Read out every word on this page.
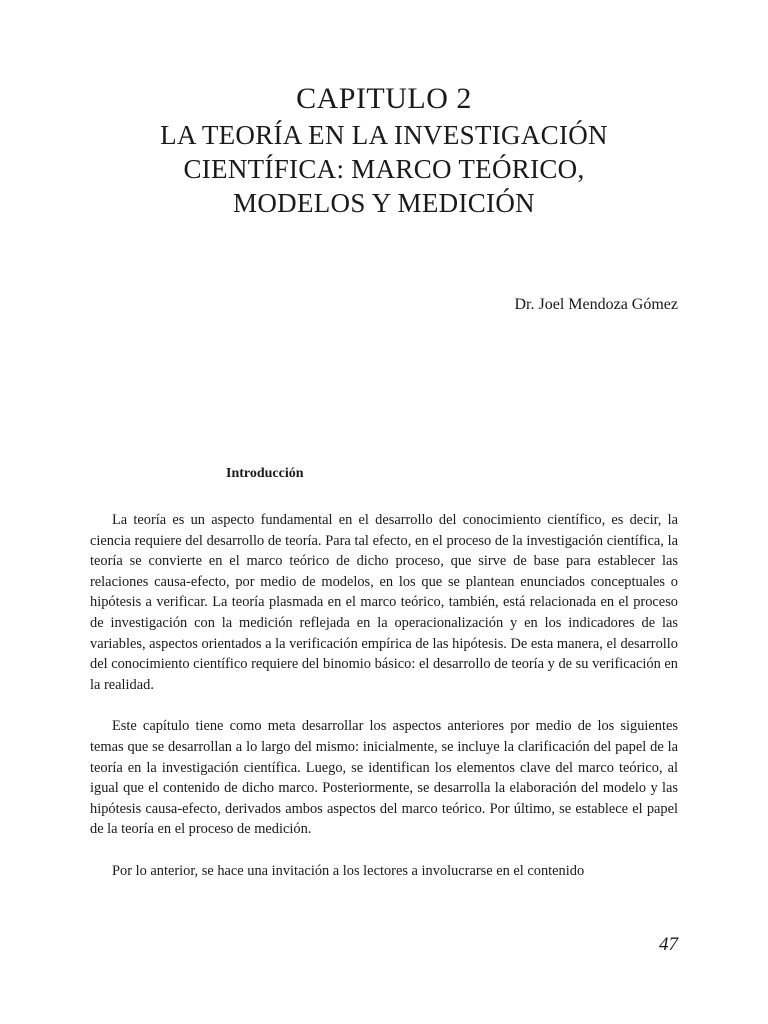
CAPITULO 2
LA TEORÍA EN LA INVESTIGACIÓN
CIENTÍFICA: MARCO TEÓRICO,
MODELOS Y MEDICIÓN

Dr. Joel Mendoza Gómez

Introducción

La teoría es un aspecto fundamental en el desarrollo del conocimiento científico, es decir, la ciencia requiere del desarrollo de teoría. Para tal efecto, en el proceso de la investigación científica, la teoría se convierte en el marco teórico de dicho proceso, que sirve de base para establecer las relaciones causa-efecto, por medio de modelos, en los que se plantean enunciados conceptuales o hipótesis a verificar. La teoría plasmada en el marco teórico, también, está relacionada en el proceso de investigación con la medición reflejada en la operacionalización y en los indicadores de las variables, aspectos orientados a la verificación empírica de las hipótesis. De esta manera, el desarrollo del conocimiento científico requiere del binomio básico: el desarrollo de teoría y de su verificación en la realidad.

Este capítulo tiene como meta desarrollar los aspectos anteriores por medio de los siguientes temas que se desarrollan a lo largo del mismo: inicialmente, se incluye la clarificación del papel de la teoría en la investigación científica. Luego, se identifican los elementos clave del marco teórico, al igual que el contenido de dicho marco. Posteriormente, se desarrolla la elaboración del modelo y las hipótesis causa-efecto, derivados ambos aspectos del marco teórico. Por último, se establece el papel de la teoría en el proceso de medición.

Por lo anterior, se hace una invitación a los lectores a involucrarse en el contenido

47
